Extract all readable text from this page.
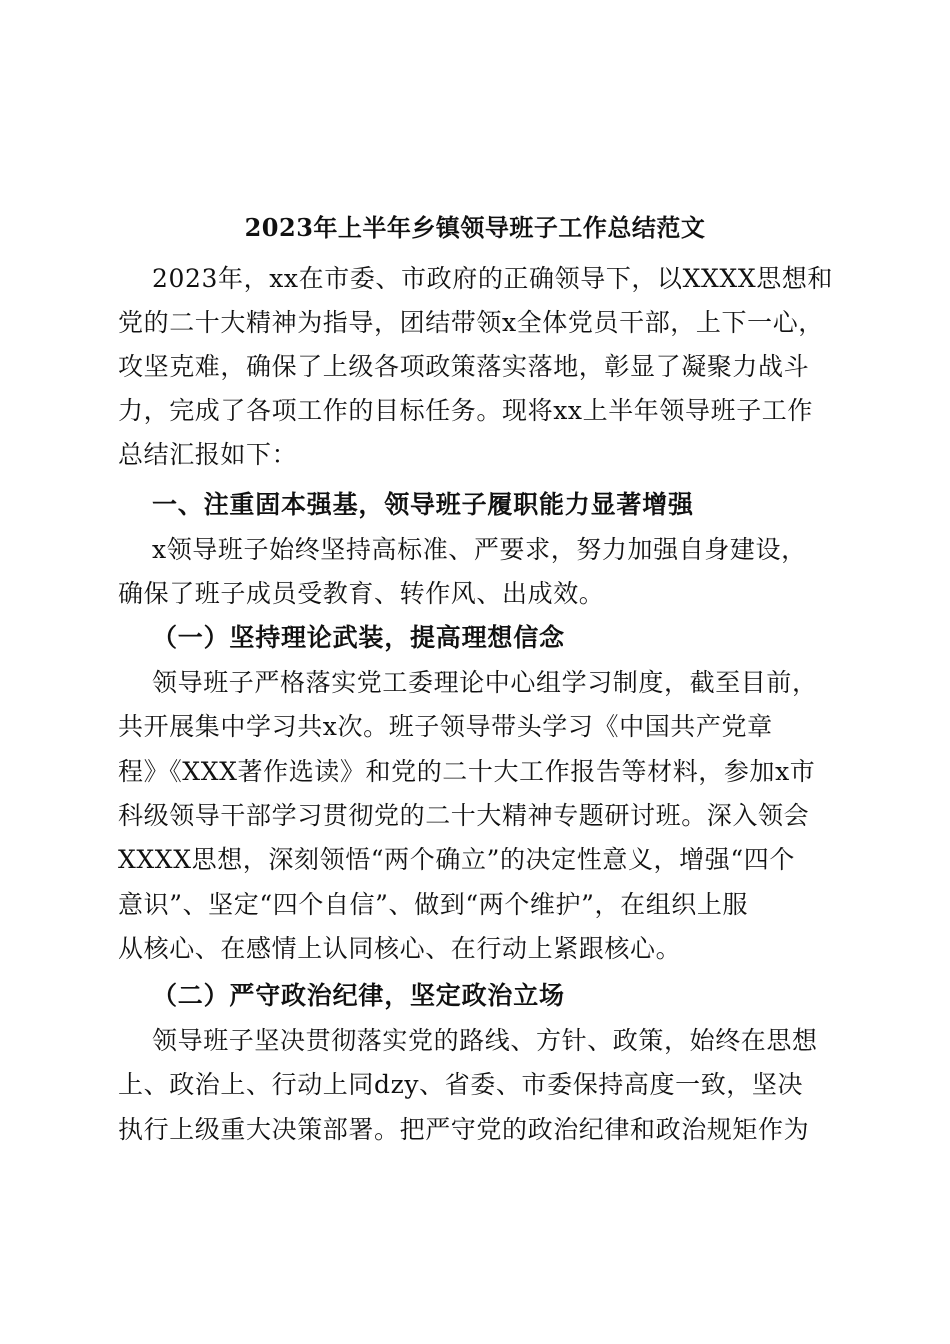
2023年上半年乡镇领导班子工作总结范文
2023年，xx在市委、市政府的正确领导下，以XXXX思想和
党的二十大精神为指导，团结带领x全体党员干部，上下一心，
攻坚克难，确保了上级各项政策落实落地，彰显了凝聚力战斗
力，完成了各项工作的目标任务。现将xx上半年领导班子工作
总结汇报如下：
一、注重固本强基，领导班子履职能力显著增强
x领导班子始终坚持高标准、严要求，努力加强自身建设，
确保了班子成员受教育、转作风、出成效。
（一）坚持理论武装，提高理想信念
领导班子严格落实党工委理论中心组学习制度，截至目前，
共开展集中学习共x次。班子领导带头学习《中国共产党章
程》《XXX著作选读》和党的二十大工作报告等材料，参加x市
科级领导干部学习贯彻党的二十大精神专题研讨班。深入领会
XXXX思想，深刻领悟“两个确立”的决定性意义，增强“四个
意识”、坚定“四个自信”、做到“两个维护”，在组织上服
从核心、在感情上认同核心、在行动上紧跟核心。
（二）严守政治纪律，坚定政治立场
领导班子坚决贯彻落实党的路线、方针、政策，始终在思想
上、政治上、行动上同dzy、省委、市委保持高度一致，坚决
执行上级重大决策部署。把严守党的政治纪律和政治规矩作为
